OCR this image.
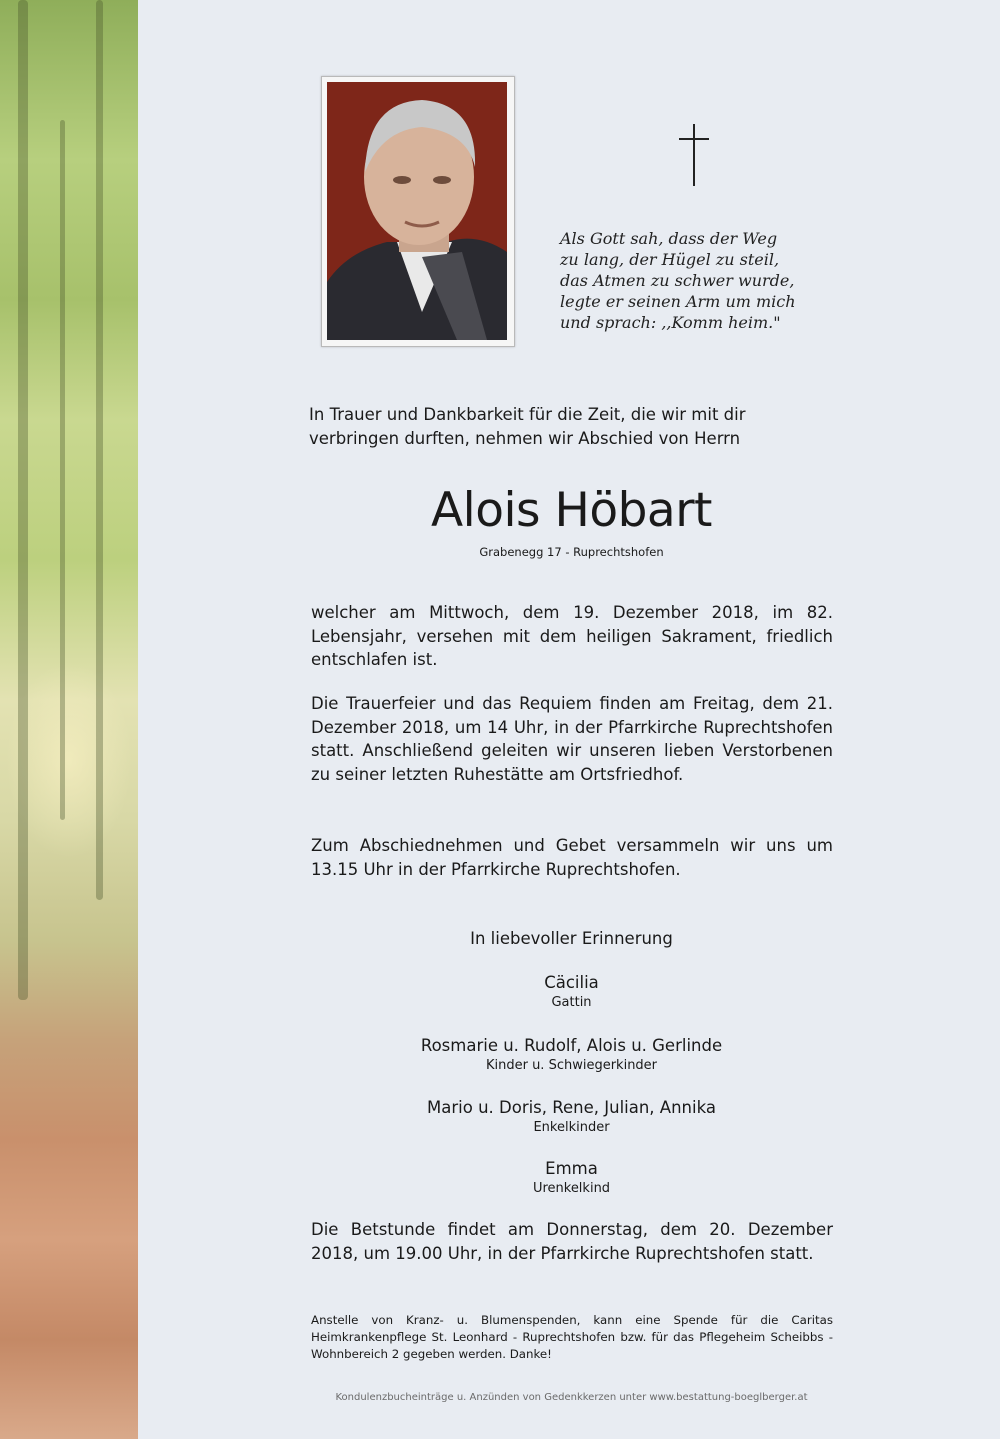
Als Gott sah, dass der Weg
zu lang, der Hügel zu steil,
das Atmen zu schwer wurde,
legte er seinen Arm um mich
und sprach: ,,Komm heim."
In Trauer und Dankbarkeit für die Zeit, die wir mit dir
verbringen durften, nehmen wir Abschied von Herrn
Alois Höbart
Grabenegg 17 - Ruprechtshofen
welcher am Mittwoch, dem 19. Dezember 2018, im 82. Lebensjahr, versehen mit dem heiligen Sakrament, friedlich entschlafen ist.
Die Trauerfeier und das Requiem finden am Freitag, dem 21. Dezember 2018, um 14 Uhr, in der Pfarrkirche Ruprechtshofen statt. Anschließend geleiten wir unseren lieben Verstorbenen zu seiner letzten Ruhestätte am Ortsfriedhof.
Zum Abschiednehmen und Gebet versammeln wir uns um 13.15 Uhr in der Pfarrkirche Ruprechtshofen.
In liebevoller Erinnerung
Cäcilia
Gattin
Rosmarie u. Rudolf, Alois u. Gerlinde
Kinder u. Schwiegerkinder
Mario u. Doris, Rene, Julian, Annika
Enkelkinder
Emma
Urenkelkind
Die Betstunde findet am Donnerstag, dem 20. Dezember 2018, um 19.00 Uhr, in der Pfarrkirche Ruprechtshofen statt.
Anstelle von Kranz- u. Blumenspenden, kann eine Spende für die Caritas Heimkrankenpflege St. Leonhard - Ruprechtshofen bzw. für das Pflegeheim Scheibbs - Wohnbereich 2 gegeben werden. Danke!
Kondulenzbucheinträge u. Anzünden von Gedenkkerzen unter www.bestattung-boeglberger.at
